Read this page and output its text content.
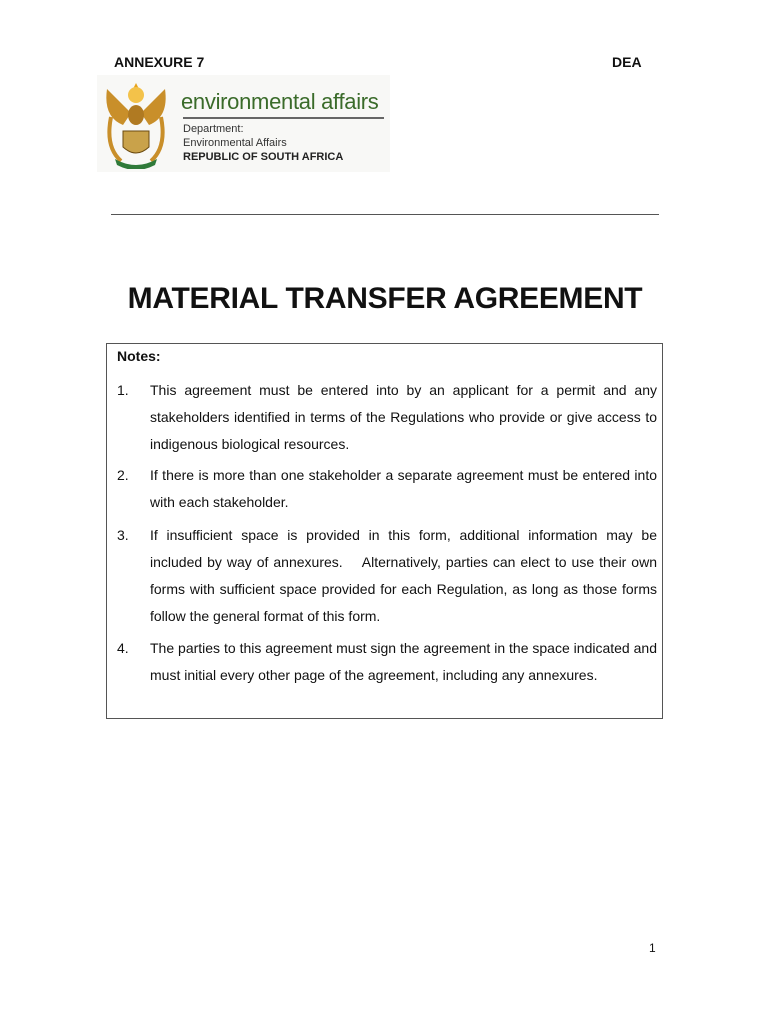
ANNEXURE 7	DEA
environmental affairs
Department:
Environmental Affairs
REPUBLIC OF SOUTH AFRICA
MATERIAL TRANSFER AGREEMENT
Notes:
1. This agreement must be entered into by an applicant for a permit and any stakeholders identified in terms of the Regulations who provide or give access to indigenous biological resources.
2. If there is more than one stakeholder a separate agreement must be entered into with each stakeholder.
3. If insufficient space is provided in this form, additional information may be included by way of annexures.    Alternatively, parties can elect to use their own forms with sufficient space provided for each Regulation, as long as those forms follow the general format of this form.
4. The parties to this agreement must sign the agreement in the space indicated and must initial every other page of the agreement, including any annexures.
1
